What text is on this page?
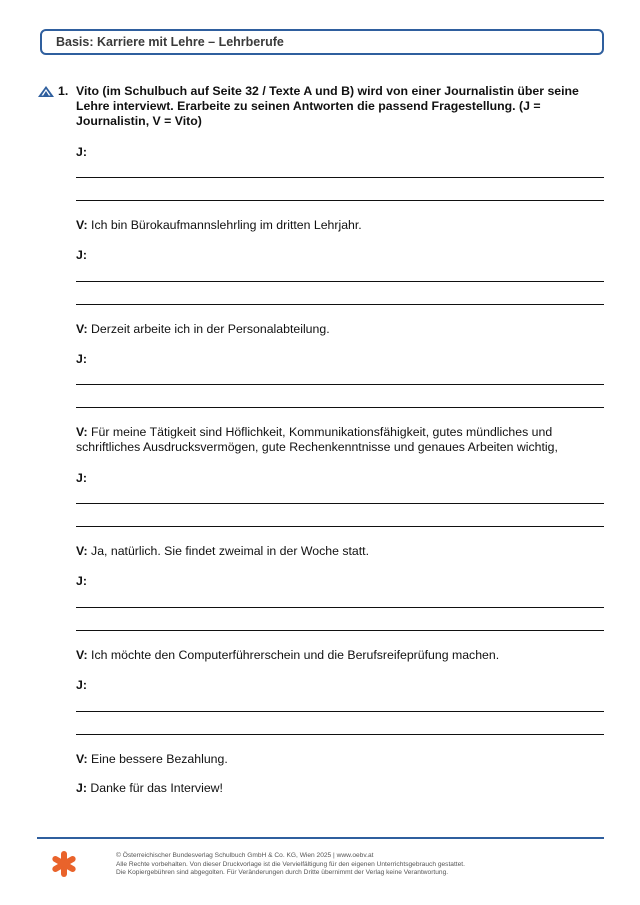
Basis: Karriere mit Lehre – Lehrberufe
1. Vito (im Schulbuch auf Seite 32 / Texte A und B) wird von einer Journalistin über seine Lehre interviewt. Erarbeite zu seinen Antworten die passend Fragestellung. (J = Journalistin, V = Vito)
J:
V: Ich bin Bürokaufmannslehrling im dritten Lehrjahr.
J:
V: Derzeit arbeite ich in der Personalabteilung.
J:
V: Für meine Tätigkeit sind Höflichkeit, Kommunikationsfähigkeit, gutes mündliches und schriftliches Ausdrucksvermögen, gute Rechenkenntnisse und genaues Arbeiten wichtig,
J:
V: Ja, natürlich. Sie findet zweimal in der Woche statt.
J:
V: Ich möchte den Computerführerschein und die Berufsreifeprüfung machen.
J:
V: Eine bessere Bezahlung.
J: Danke für das Interview!
© Österreichischer Bundesverlag Schulbuch GmbH & Co. KG, Wien 2025 | www.oebv.at
Alle Rechte vorbehalten. Von dieser Druckvorlage ist die Vervielfältigung für den eigenen Unterrichtsgebrauch gestattet.
Die Kopiergebühren sind abgegolten. Für Veränderungen durch Dritte übernimmt der Verlag keine Verantwortung.
